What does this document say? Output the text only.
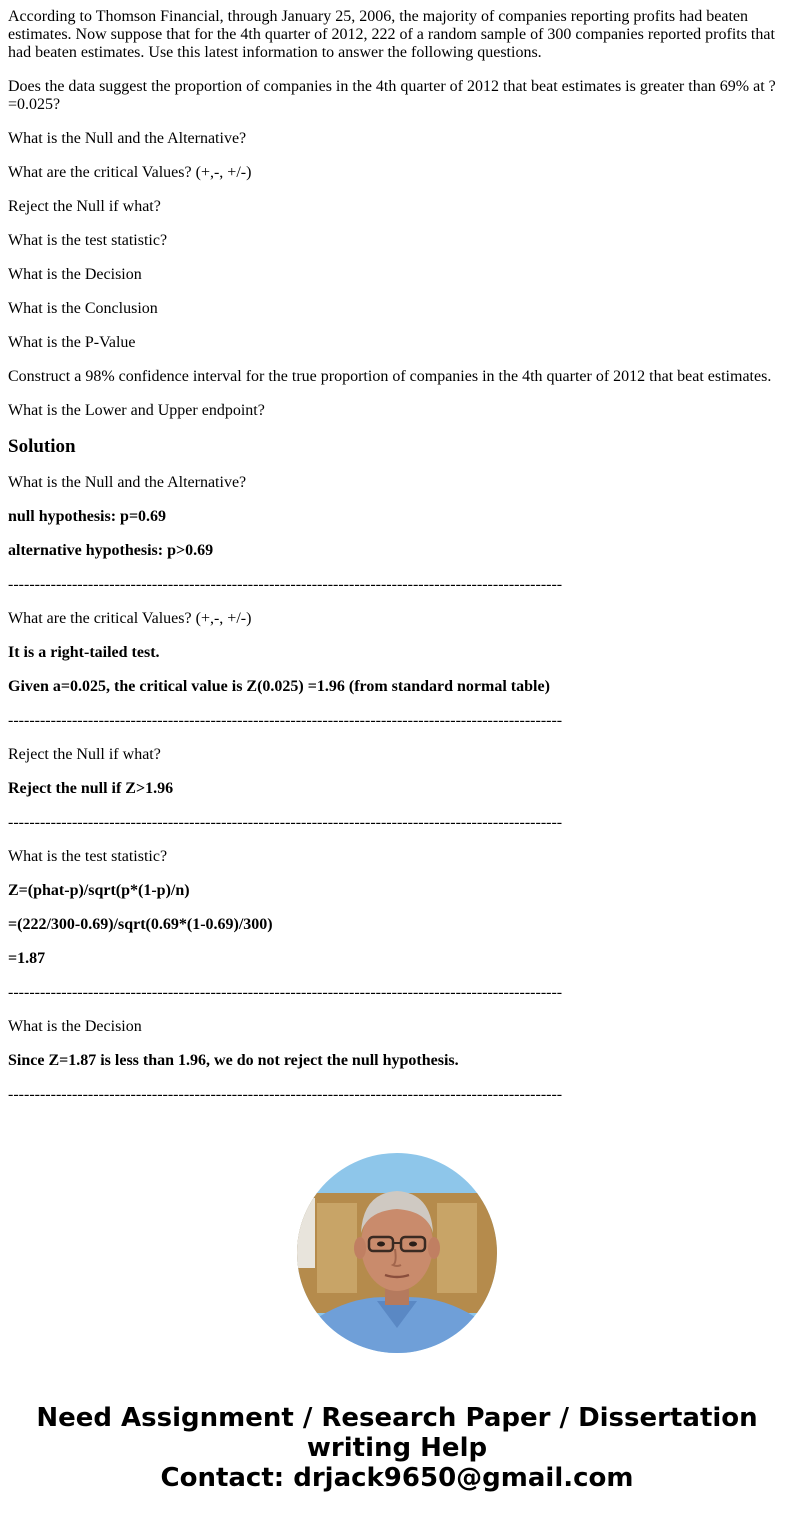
According to Thomson Financial, through January 25, 2006, the majority of companies reporting profits had beaten estimates. Now suppose that for the 4th quarter of 2012, 222 of a random sample of 300 companies reported profits that had beaten estimates. Use this latest information to answer the following questions.

Does the data suggest the proportion of companies in the 4th quarter of 2012 that beat estimates is greater than 69% at ? =0.025?

What is the Null and the Alternative?

What are the critical Values? (+,-, +/-)

Reject the Null if what?

What is the test statistic?

What is the Decision

What is the Conclusion

What is the P-Value

Construct a 98% confidence interval for the true proportion of companies in the 4th quarter of 2012 that beat estimates.

What is the Lower and Upper endpoint?

Solution

What is the Null and the Alternative?

null hypothesis: p=0.69

alternative hypothesis: p>0.69

--------------------------------------------------------------------------------------------------------

What are the critical Values? (+,-, +/-)

It is a right-tailed test.

Given a=0.025, the critical value is Z(0.025) =1.96 (from standard normal table)

--------------------------------------------------------------------------------------------------------

Reject the Null if what?

Reject the null if Z>1.96

--------------------------------------------------------------------------------------------------------

What is the test statistic?

Z=(phat-p)/sqrt(p*(1-p)/n)

=(222/300-0.69)/sqrt(0.69*(1-0.69)/300)

=1.87

--------------------------------------------------------------------------------------------------------

What is the Decision

Since Z=1.87 is less than 1.96, we do not reject the null hypothesis.

--------------------------------------------------------------------------------------------------------

Need Assignment / Research Paper / Dissertation
writing Help
Contact: drjack9650@gmail.com
